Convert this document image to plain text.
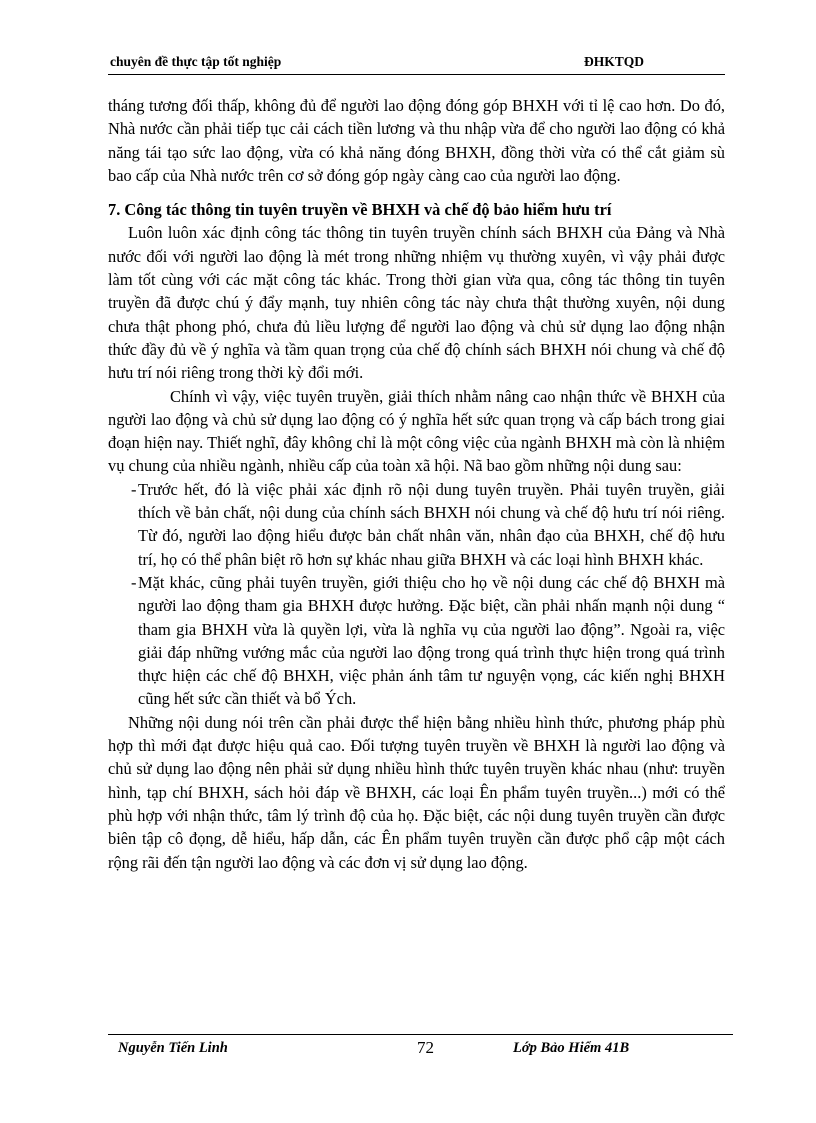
chuyên đề thực tập tốt nghiệp	ĐHKTQD

tháng tương đối thấp, không đủ để người lao động đóng góp BHXH với tỉ lệ cao hơn. Do đó, Nhà nước cần phải tiếp tục cải cách tiền lương và thu nhập vừa để cho người lao động có khả năng tái tạo sức lao động, vừa có khả năng đóng BHXH, đồng thời vừa có thể cắt giảm sù bao cấp của Nhà nước trên cơ sở đóng góp ngày càng cao của người lao động.

7. Công tác thông tin tuyên truyền về BHXH và chế độ bảo hiểm hưu trí

Luôn luôn xác định công tác thông tin tuyên truyền chính sách BHXH của Đảng và Nhà nước đối với người lao động là mét trong những nhiệm vụ thường xuyên, vì vậy phải được làm tốt cùng với các mặt công tác khác. Trong thời gian vừa qua, công tác thông tin tuyên truyền đã được chú ý đẩy mạnh, tuy nhiên công tác này chưa thật thường xuyên, nội dung chưa thật phong phó, chưa đủ liều lượng để người lao động và chủ sử dụng lao động nhận thức đầy đủ về ý nghĩa và tầm quan trọng của chế độ chính sách BHXH nói chung và chế độ hưu trí nói riêng trong thời kỳ đổi mới.

Chính vì vậy, việc tuyên truyền, giải thích nhằm nâng cao nhận thức về BHXH của người lao động và chủ sử dụng lao động có ý nghĩa hết sức quan trọng và cấp bách trong giai đoạn hiện nay. Thiết nghĩ, đây không chỉ là một công việc của ngành BHXH mà còn là nhiệm vụ chung của nhiều ngành, nhiều cấp của toàn xã hội. Nã bao gồm những nội dung sau:

- Trước hết, đó là việc phải xác định rõ nội dung tuyên truyền. Phải tuyên truyền, giải thích về bản chất, nội dung của chính sách BHXH nói chung và chế độ hưu trí nói riêng. Từ đó, người lao động hiểu được bản chất nhân văn, nhân đạo của BHXH, chế độ hưu trí, họ có thể phân biệt rõ hơn sự khác nhau giữa BHXH và các loại hình BHXH khác.
- Mặt khác, cũng phải tuyên truyền, giới thiệu cho họ về nội dung các chế độ BHXH mà người lao động tham gia BHXH được hưởng. Đặc biệt, cần phải nhấn mạnh nội dung “ tham gia BHXH vừa là quyền lợi, vừa là nghĩa vụ của người lao động”. Ngoài ra, việc giải đáp những vướng mắc của người lao động trong quá trình thực hiện trong quá trình thực hiện các chế độ BHXH, việc phản ánh tâm tư nguyện vọng, các kiến nghị BHXH cũng hết sức cần thiết và bổ Ých.

Những nội dung nói trên cần phải được thể hiện bằng nhiều hình thức, phương pháp phù hợp thì mới đạt được hiệu quả cao. Đối tượng tuyên truyền về BHXH là người lao động và chủ sử dụng lao động nên phải sử dụng nhiều hình thức tuyên truyền khác nhau (như: truyền hình, tạp chí BHXH, sách hỏi đáp về BHXH, các loại Ên phẩm tuyên truyền...) mới có thể phù hợp với nhận thức, tâm lý trình độ của họ. Đặc biệt, các nội dung tuyên truyền cần được biên tập cô đọng, dễ hiểu, hấp dẫn, các Ên phẩm tuyên truyền cần được phổ cập một cách rộng rãi đến tận người lao động và các đơn vị sử dụng lao động.

Nguyễn Tiến Linh	72	Lớp Bảo Hiểm 41B
